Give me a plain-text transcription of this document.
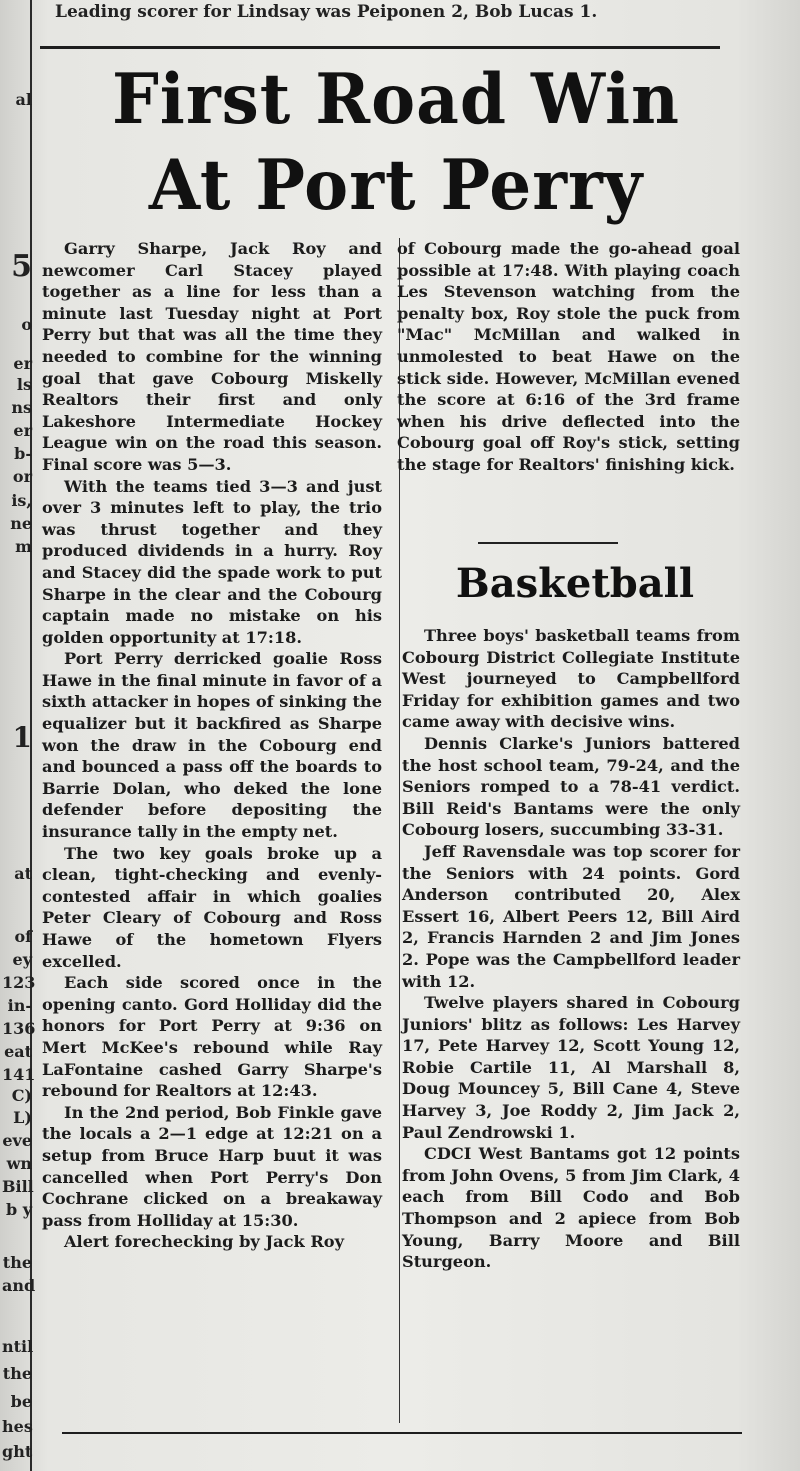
al
5
o
er
ls
ns
er
b-
or
is,
ne
m
1
at
of
ey
123
in-
136
eat
141
C)
L)
eve
wn
Bill
b y
the
and
ntil
the
be
hes
ght
Leading scorer for Lindsay was Peiponen 2, Bob Lucas 1.
First Road Win
At Port Perry

Garry Sharpe, Jack Roy and newcomer Carl Stacey played together as a line for less than a minute last Tuesday night at Port Perry but that was all the time they needed to combine for the winning goal that gave Cobourg Miskelly Realtors their first and only Lakeshore Intermediate Hockey League win on the road this season. Final score was 5—3.

With the teams tied 3—3 and just over 3 minutes left to play, the trio was thrust together and they produced dividends in a hurry. Roy and Stacey did the spade work to put Sharpe in the clear and the Cobourg captain made no mistake on his golden opportunity at 17:18.

Port Perry derricked goalie Ross Hawe in the final minute in favor of a sixth attacker in hopes of sinking the equalizer but it backfired as Sharpe won the draw in the Cobourg end and bounced a pass off the boards to Barrie Dolan, who deked the lone defender before depositing the insurance tally in the empty net.

The two key goals broke up a clean, tight-checking and evenly-contested affair in which goalies Peter Cleary of Cobourg and Ross Hawe of the hometown Flyers excelled.

Each side scored once in the opening canto. Gord Holliday did the honors for Port Perry at 9:36 on Mert McKee's rebound while Ray LaFontaine cashed Garry Sharpe's rebound for Realtors at 12:43.

In the 2nd period, Bob Finkle gave the locals a 2—1 edge at 12:21 on a setup from Bruce Harp buut it was cancelled when Port Perry's Don Cochrane clicked on a breakaway pass from Holliday at 15:30.

Alert forechecking by Jack Roy

of Cobourg made the go-ahead goal possible at 17:48. With playing coach Les Stevenson watching from the penalty box, Roy stole the puck from "Mac" McMillan and walked in unmolested to beat Hawe on the stick side. However, McMillan evened the score at 6:16 of the 3rd frame when his drive deflected into the Cobourg goal off Roy's stick, setting the stage for Realtors' finishing kick.

Basketball

Three boys' basketball teams from Cobourg District Collegiate Institute West journeyed to Campbellford Friday for exhibition games and two came away with decisive wins.

Dennis Clarke's Juniors battered the host school team, 79-24, and the Seniors romped to a 78-41 verdict. Bill Reid's Bantams were the only Cobourg losers, succumbing 33-31.

Jeff Ravensdale was top scorer for the Seniors with 24 points. Gord Anderson contributed 20, Alex Essert 16, Albert Peers 12, Bill Aird 2, Francis Harnden 2 and Jim Jones 2. Pope was the Campbellford leader with 12.

Twelve players shared in Cobourg Juniors' blitz as follows: Les Harvey 17, Pete Harvey 12, Scott Young 12, Robie Cartile 11, Al Marshall 8, Doug Mouncey 5, Bill Cane 4, Steve Harvey 3, Joe Roddy 2, Jim Jack 2, Paul Zendrowski 1.

CDCI West Bantams got 12 points from John Ovens, 5 from Jim Clark, 4 each from Bill Codo and Bob Thompson and 2 apiece from Bob Young, Barry Moore and Bill Sturgeon.
